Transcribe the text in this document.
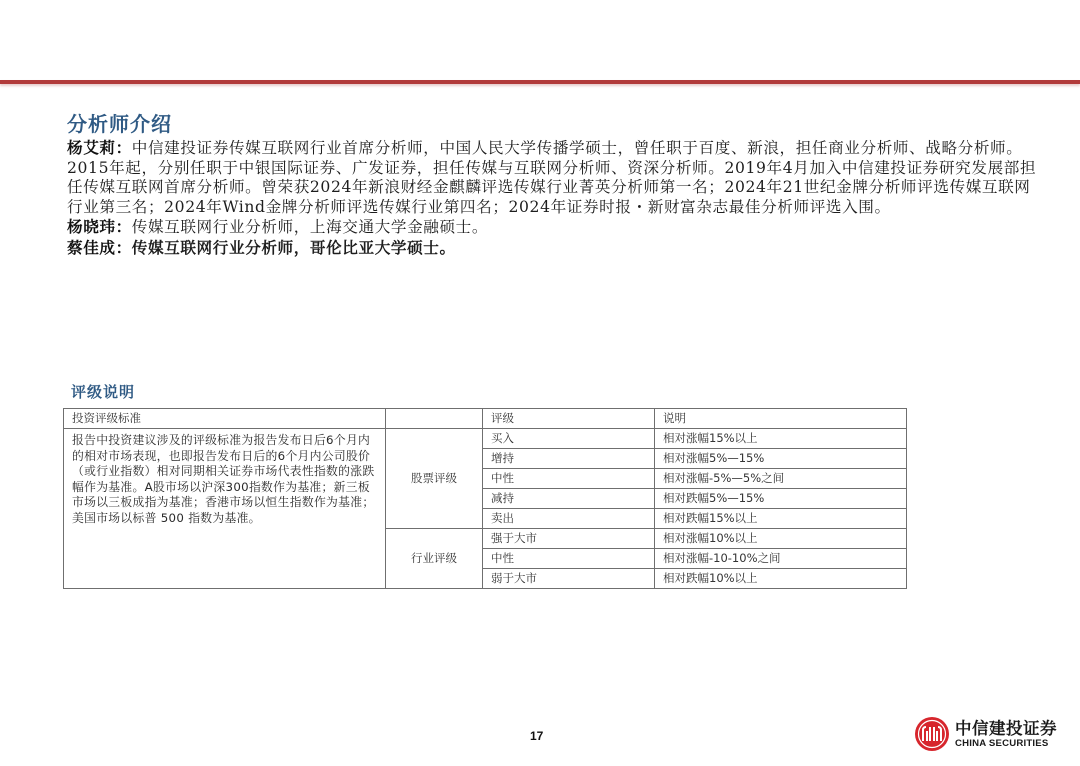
分析师介绍

杨艾莉：中信建投证券传媒互联网行业首席分析师，中国人民大学传播学硕士，曾任职于百度、新浪，担任商业分析师、战略分析师。2015年起，分别任职于中银国际证券、广发证券，担任传媒与互联网分析师、资深分析师。2019年4月加入中信建投证券研究发展部担任传媒互联网首席分析师。曾荣获2024年新浪财经金麒麟评选传媒行业菁英分析师第一名；2024年21世纪金牌分析师评选传媒互联网行业第三名；2024年Wind金牌分析师评选传媒行业第四名；2024年证券时报・新财富杂志最佳分析师评选入围。

杨晓玮：传媒互联网行业分析师，上海交通大学金融硕士。

蔡佳成：传媒互联网行业分析师，哥伦比亚大学硕士。

评级说明
投资评级标准		评级	说明
报告中投资建议涉及的评级标准为报告发布日后6个月内的相对市场表现，也即报告发布日后的6个月内公司股价（或行业指数）相对同期相关证券市场代表性指数的涨跌幅作为基准。A股市场以沪深300指数作为基准；新三板市场以三板成指为基准；香港市场以恒生指数作为基准；美国市场以标普 500 指数为基准。	股票评级	买入	相对涨幅15%以上
		增持	相对涨幅5%—15%
		中性	相对涨幅-5%—5%之间
		减持	相对跌幅5%—15%
		卖出	相对跌幅15%以上
	行业评级	强于大市	相对涨幅10%以上
		中性	相对涨幅-10-10%之间
		弱于大市	相对跌幅10%以上
17	中信建投证券
CHINA SECURITIES
